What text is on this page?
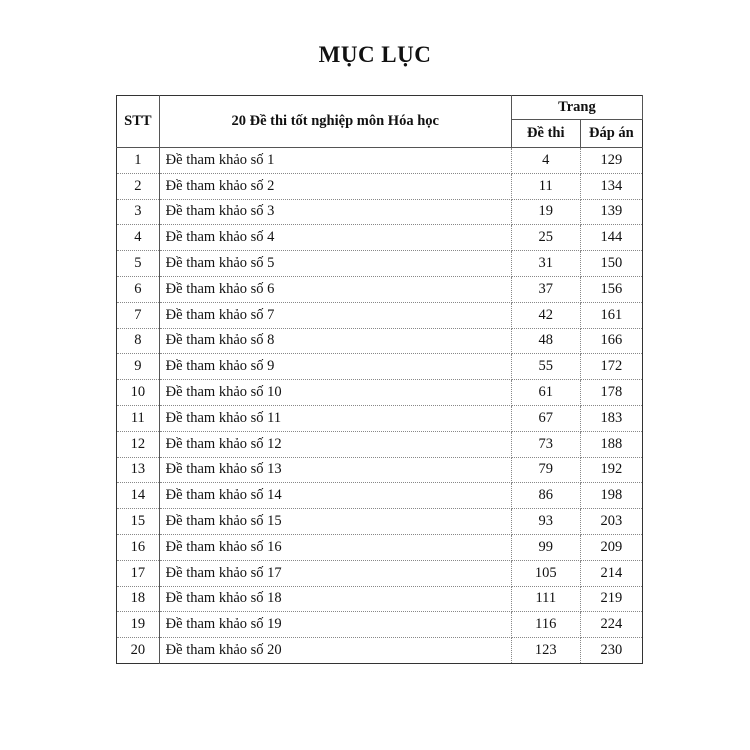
MỤC LỤC
STT	20 Đề thi tốt nghiệp môn Hóa học	Trang	
		Đề thi	Đáp án
1	Đề tham khảo số 1	4	129
2	Đề tham khảo số 2	11	134
3	Đề tham khảo số 3	19	139
4	Đề tham khảo số 4	25	144
5	Đề tham khảo số 5	31	150
6	Đề tham khảo số 6	37	156
7	Đề tham khảo số 7	42	161
8	Đề tham khảo số 8	48	166
9	Đề tham khảo số 9	55	172
10	Đề tham khảo số 10	61	178
11	Đề tham khảo số 11	67	183
12	Đề tham khảo số 12	73	188
13	Đề tham khảo số 13	79	192
14	Đề tham khảo số 14	86	198
15	Đề tham khảo số 15	93	203
16	Đề tham khảo số 16	99	209
17	Đề tham khảo số 17	105	214
18	Đề tham khảo số 18	111	219
19	Đề tham khảo số 19	116	224
20	Đề tham khảo số 20	123	230
